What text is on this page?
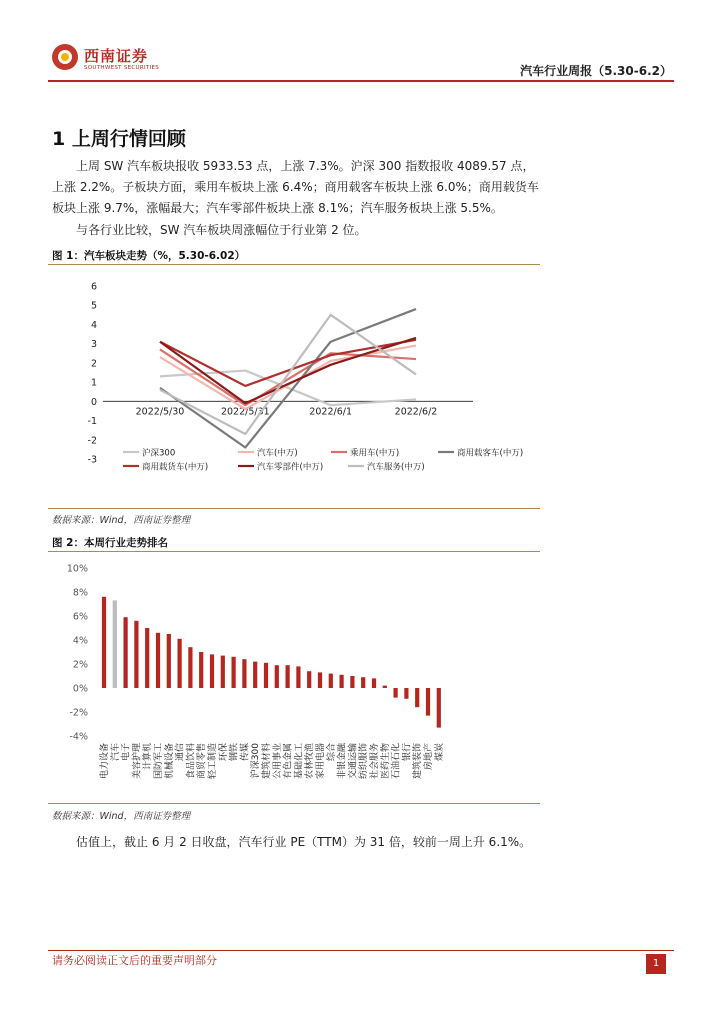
西南证券
SOUTHWEST SECURITIES	汽车行业周报（5.30-6.2）
1 上周行情回顾

上周 SW 汽车板块报收 5933.53 点，上涨 7.3%。沪深 300 指数报收 4089.57 点，上涨 2.2%。子板块方面，乘用车板块上涨 6.4%；商用载客车板块上涨 6.0%；商用载货车板块上涨 9.7%，涨幅最大；汽车零部件板块上涨 8.1%；汽车服务板块上涨 5.5%。

与各行业比较，SW 汽车板块周涨幅位于行业第 2 位。

图 1：汽车板块走势（%，5.30-6.02）
-3
-2
-1
0
1
2
3
4
5
6
2022/5/30	2022/5/31	2022/6/1	2022/6/2
沪深300	汽车(中万)	乘用车(中万)	商用载客车(中万)
商用载货车(中万)	汽车零部件(中万)	汽车服务(中万)
数据来源：Wind，西南证券整理
图 2：本周行业走势排名
-4%
-2%
0%
2%
4%
6%
8%
10%
电力设备 汽车 电子 美容护理 计算机 国防军工 机械设备 通信 食品饮料 商贸零售 轻工制造 环保 钢铁 传媒 沪深300 建筑材料 公用事业 有色金属 基础化工 农林牧渔 家用电器 综合 非银金融 交通运输 纺织服饰 社会服务 医药生物 石油石化 银行 建筑装饰 房地产 煤炭
数据来源：Wind，西南证券整理

估值上，截止 6 月 2 日收盘，汽车行业 PE（TTM）为 31 倍，较前一周上升 6.1%。

请务必阅读正文后的重要声明部分	1
